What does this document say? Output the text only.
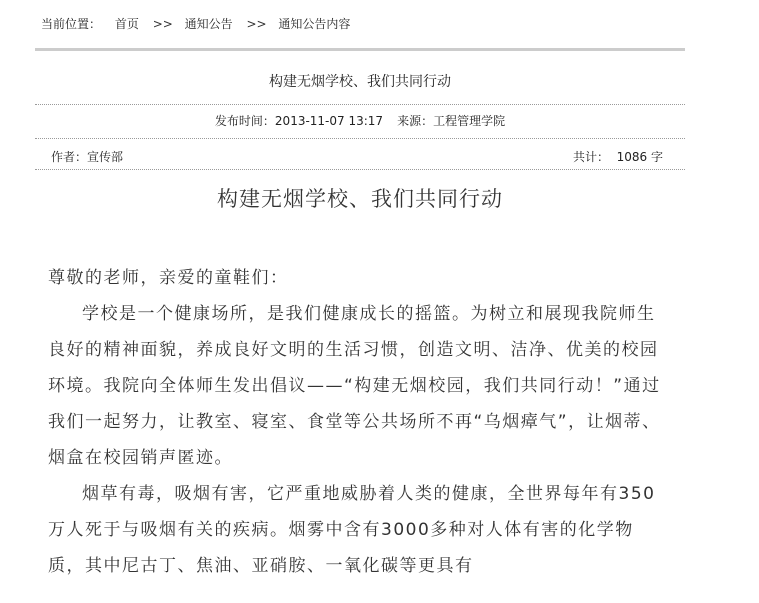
当前位置： 首页 >> 通知公告 >> 通知公告内容
构建无烟学校、我们共同行动
发布时间：2013-11-07 13:17 来源：工程管理学院
作者：宣传部	共计： 1086 字
构建无烟学校、我们共同行动

尊敬的老师，亲爱的童鞋们：

学校是一个健康场所，是我们健康成长的摇篮。为树立和展现我院师生良好的精神面貌，养成良好文明的生活习惯，创造文明、洁净、优美的校园环境。我院向全体师生发出倡议——“构建无烟校园，我们共同行动！”通过我们一起努力，让教室、寝室、食堂等公共场所不再“乌烟瘴气”，让烟蒂、烟盒在校园销声匿迹。

烟草有毒，吸烟有害，它严重地威胁着人类的健康，全世界每年有350万人死于与吸烟有关的疾病。烟雾中含有3000多种对人体有害的化学物质，其中尼古丁、焦油、亚硝胺、一氧化碳等更具有
